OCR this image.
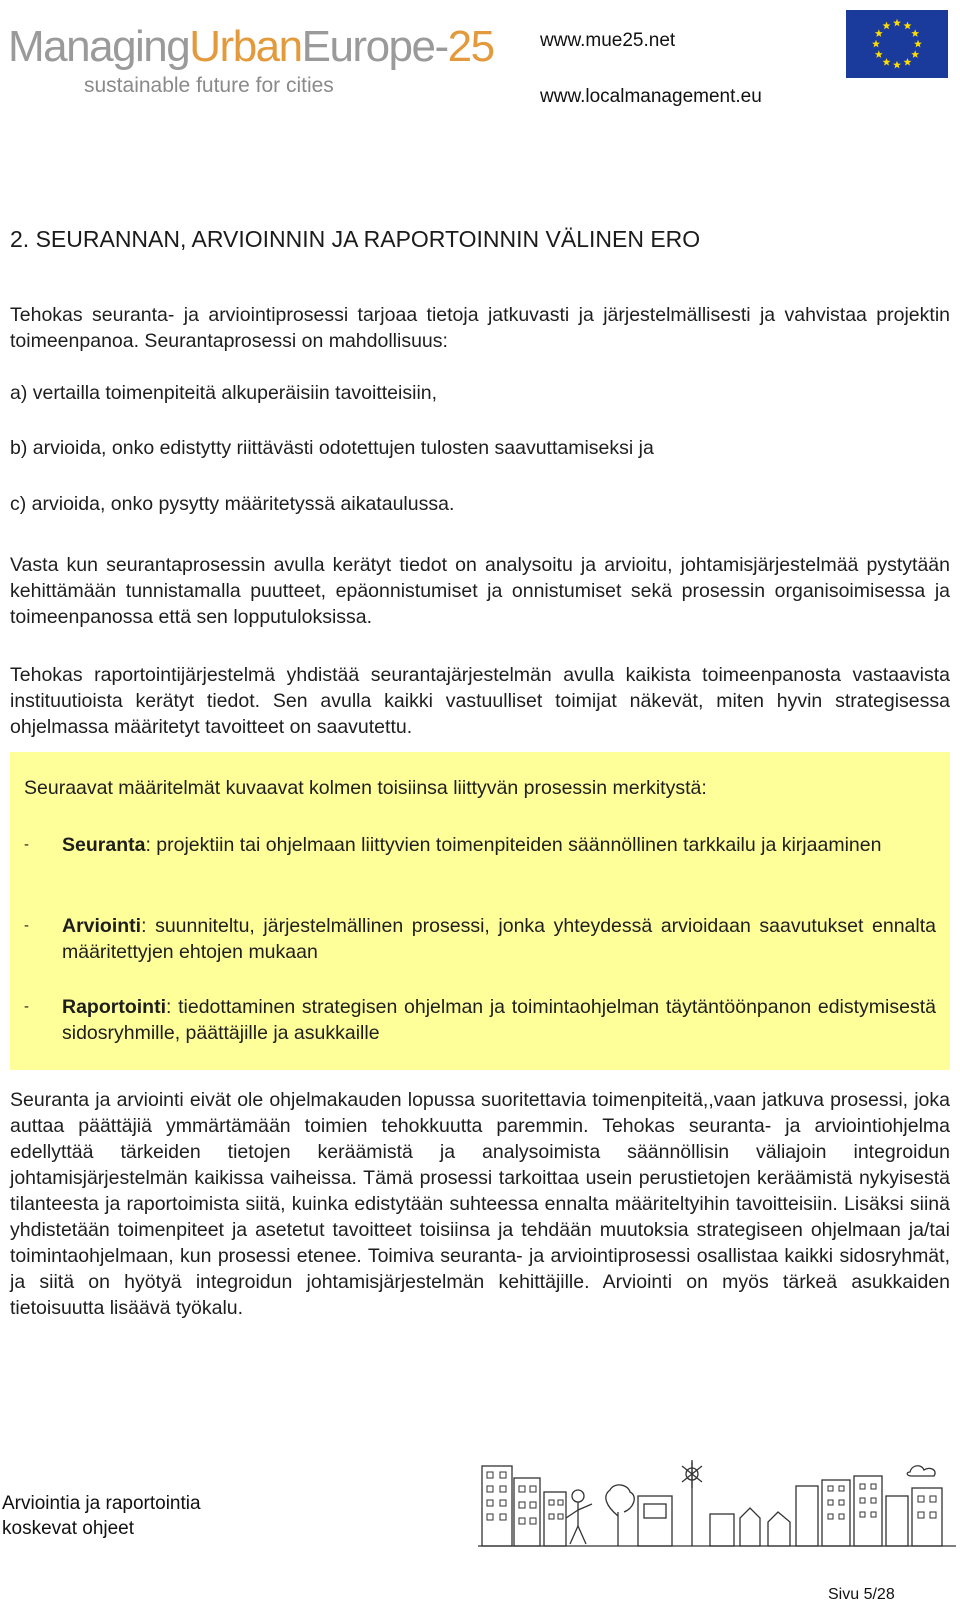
ManagingUrbanEurope-25
sustainable future for cities
www.mue25.net
www.localmanagement.eu
2. SEURANNAN, ARVIOINNIN JA RAPORTOINNIN VÄLINEN ERO
Tehokas seuranta- ja arviointiprosessi tarjoaa tietoja jatkuvasti ja järjestelmällisesti ja vahvistaa projektin toimeenpanoa. Seurantaprosessi on mahdollisuus:
a) vertailla toimenpiteitä alkuperäisiin tavoitteisiin,
b) arvioida, onko edistytty riittävästi odotettujen tulosten saavuttamiseksi ja
c) arvioida, onko pysytty määritetyssä aikataulussa.
Vasta kun seurantaprosessin avulla kerätyt tiedot on analysoitu ja arvioitu, johtamisjärjestelmää pystytään kehittämään tunnistamalla puutteet, epäonnistumiset ja onnistumiset sekä prosessin organisoimisessa ja toimeenpanossa että sen lopputuloksissa.
Tehokas raportointijärjestelmä yhdistää seurantajärjestelmän avulla kaikista toimeenpanosta vastaavista instituutioista kerätyt tiedot. Sen avulla kaikki vastuulliset toimijat näkevät, miten hyvin strategisessa ohjelmassa määritetyt tavoitteet on saavutettu.
Seuraavat määritelmät kuvaavat kolmen toisiinsa liittyvän prosessin merkitystä:
- Seuranta: projektiin tai ohjelmaan liittyvien toimenpiteiden säännöllinen tarkkailu ja kirjaaminen
- Arviointi: suunniteltu, järjestelmällinen prosessi, jonka yhteydessä arvioidaan saavutukset ennalta määritettyjen ehtojen mukaan
- Raportointi: tiedottaminen strategisen ohjelman ja toimintaohjelman täytäntöönpanon edistymisestä sidosryhmille, päättäjille ja asukkaille
Seuranta ja arviointi eivät ole ohjelmakauden lopussa suoritettavia toimenpiteitä,,vaan jatkuva prosessi, joka auttaa päättäjiä ymmärtämään toimien tehokkuutta paremmin. Tehokas seuranta- ja arviointiohjelma edellyttää tärkeiden tietojen keräämistä ja analysoimista säännöllisin väliajoin integroidun johtamisjärjestelmän kaikissa vaiheissa. Tämä prosessi tarkoittaa usein perustietojen keräämistä nykyisestä tilanteesta ja raportoimista siitä, kuinka edistytään suhteessa ennalta määriteltyihin tavoitteisiin. Lisäksi siinä yhdistetään toimenpiteet ja asetetut tavoitteet toisiinsa ja tehdään muutoksia strategiseen ohjelmaan ja/tai toimintaohjelmaan, kun prosessi etenee. Toimiva seuranta- ja arviointiprosessi osallistaa kaikki sidosryhmät, ja siitä on hyötyä integroidun johtamisjärjestelmän kehittäjille. Arviointi on myös tärkeä asukkaiden tietoisuutta lisäävä työkalu.
Arviointia ja raportointia
koskevat ohjeet
Sivu 5/28
